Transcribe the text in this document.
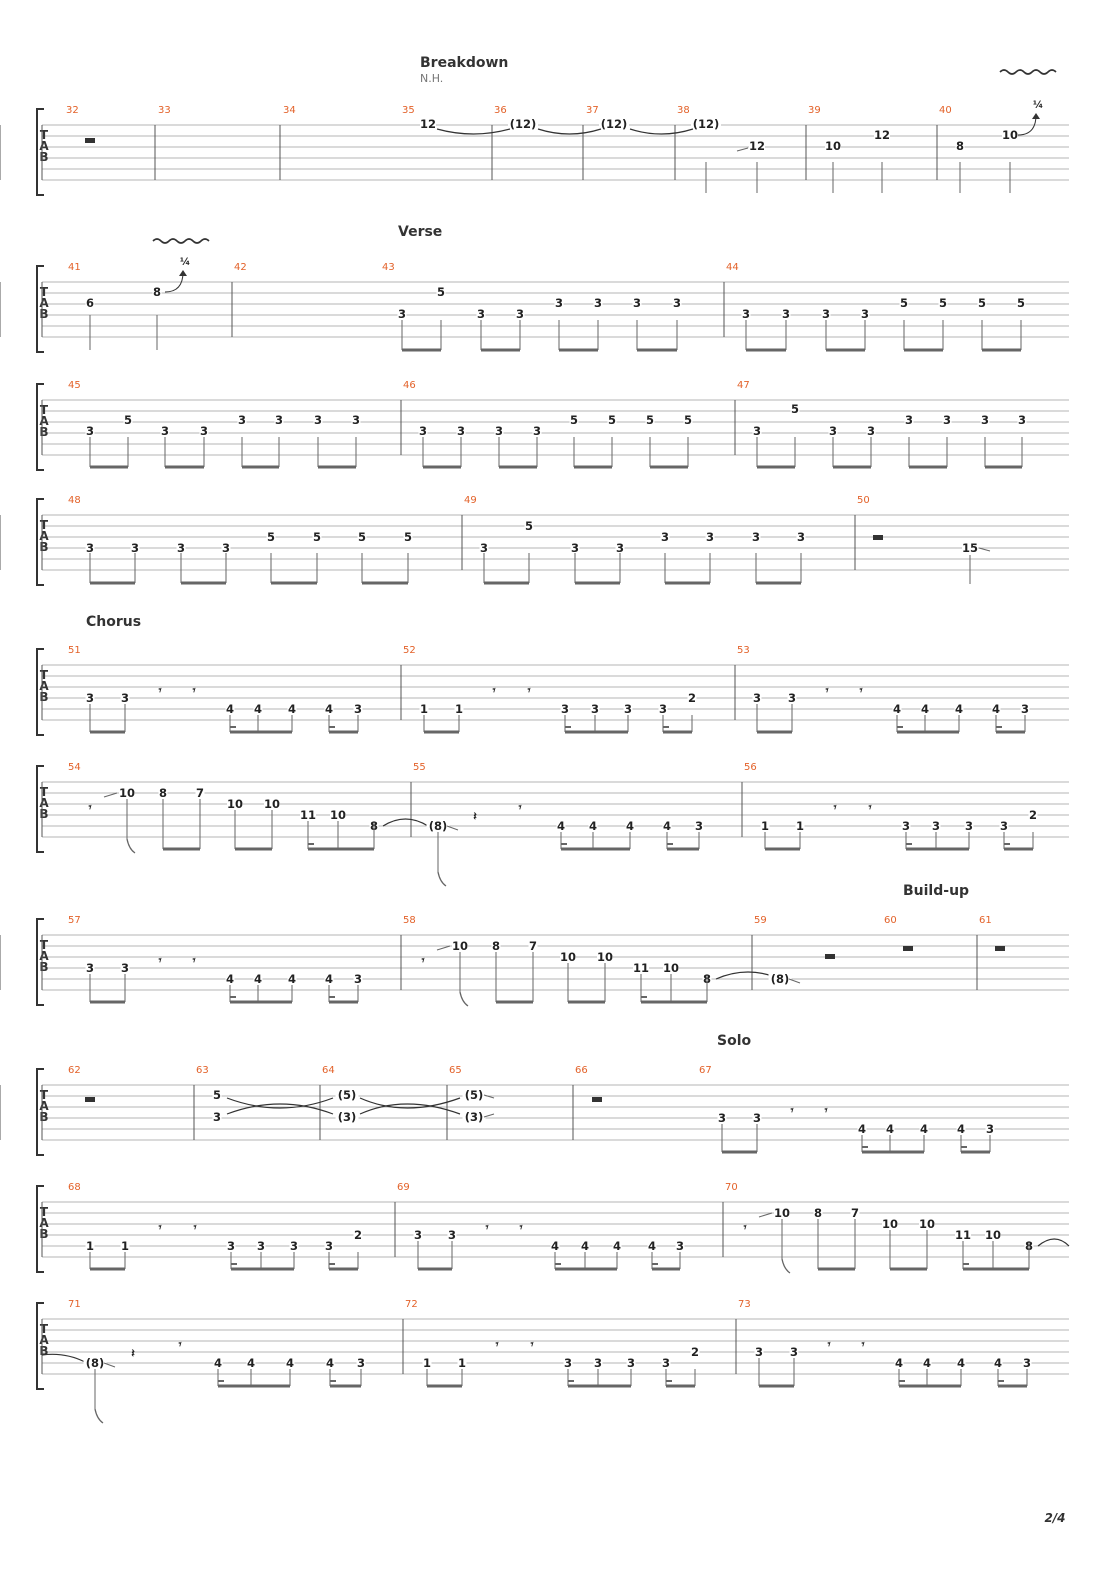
Breakdown
N.H.
T
A
B
32	33	34	35	36	37	38	39	40
12	(12)	(12)	(12)
12	10
12
8
10
¼
Verse
T
A
B
41	42	43	44
6
8
¼
3
5
3	3
3	3	3	3
3	3	3	3
5	5	5	5
T
A
B
45	46	47
3
5
3	3
3	3	3	3
3	3	3	3
5	5	5	5
3
5
3	3
3	3	3	3
T
A
B
48	49	50
3	3	3	3
5	5	5	5
3
5
3	3
3	3	3	3
15
Chorus
T
A
B
51	52	53
3 3
𝄾	𝄾
4 4 4	4 3	1 1
𝄾	𝄾
3 3 3 3
2	3 3
𝄾	𝄾
4 4 4	4 3
T
A
B
54	55	56
𝄾
10 8	7
10 10
11 10
8	(8)
𝄽
𝄾
4 4	4	4 3	1 1
𝄾	𝄾
3 3 3 3
2
Build-up
T
A
B
57	58	59	60	61
3 3
𝄾	𝄾
4 4 4	4 3
𝄾
10 8	7
10 10
11 10
8	(8)
Solo
T
A
B
62	63	64	65	66	67
5
3
(5)
(3)
(5)
(3)	3 3
𝄾	𝄾
4 4 4	4 3
T
A
B
68	69	70
1 1
𝄾	𝄾
3 3 3 3
2	3 3
𝄾	𝄾
4 4 4 4 3
𝄾
10 8	7
10 10
11 10
8
T
A
B
71	72	73
(8)
𝄽
𝄾
4 4	4	4 3	1 1
𝄾	𝄾
3 3 3 3
2	3 3
𝄾	𝄾
4 4 4	4 3
2/4
